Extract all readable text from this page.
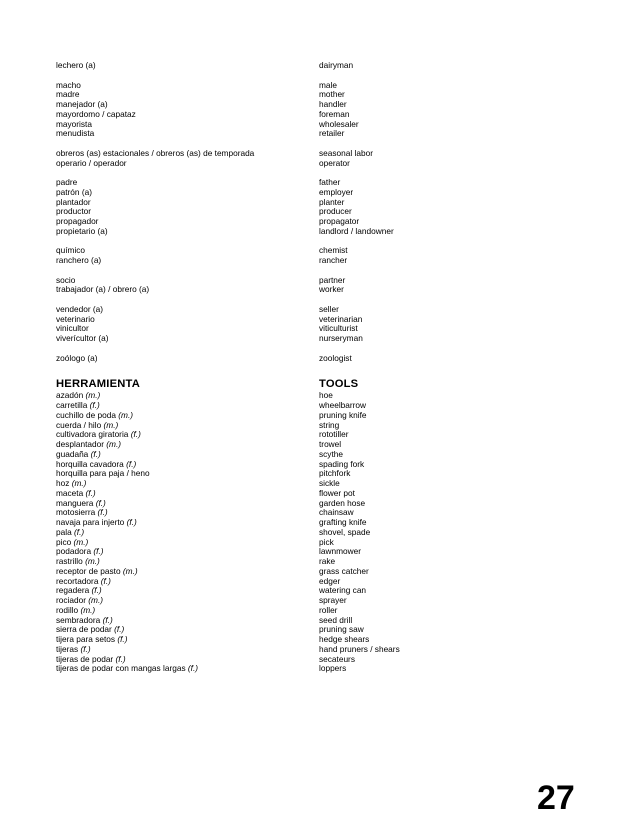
lechero (a)
macho
madre
manejador (a)
mayordomo / capataz
mayorista
menudista
obreros (as) estacionales / obreros (as) de temporada
operario / operador
padre
patrón (a)
plantador
productor
propagador
propietario (a)
químico
ranchero (a)
socio
trabajador (a) / obrero (a)
vendedor (a)
veterinario
vinicultor
viverícultor (a)
zoólogo (a)
HERRAMIENTA
azadón (m.)
carretilla (f.)
cuchillo de poda (m.)
cuerda / hilo (m.)
cultivadora giratoria (f.)
desplantador (m.)
guadaña (f.)
horquilla cavadora (f.)
horquilla para paja / heno
hoz (m.)
maceta (f.)
manguera (f.)
motosierra (f.)
navaja para injerto (f.)
pala (f.)
pico (m.)
podadora (f.)
rastrillo (m.)
receptor de pasto (m.)
recortadora (f.)
regadera (f.)
rociador (m.)
rodillo (m.)
sembradora (f.)
sierra de podar (f.)
tijera para setos (f.)
tijeras (f.)
tijeras de podar (f.)
tijeras de podar con mangas largas (f.)
dairyman
male
mother
handler
foreman
wholesaler
retailer
seasonal labor
operator
father
employer
planter
producer
propagator
landlord / landowner
chemist
rancher
partner
worker
seller
veterinarian
viticulturist
nurseryman
zoologist
TOOLS
hoe
wheelbarrow
pruning knife
string
rototiller
trowel
scythe
spading fork
pitchfork
sickle
flower pot
garden hose
chainsaw
grafting knife
shovel, spade
pick
lawnmower
rake
grass catcher
edger
watering can
sprayer
roller
seed drill
pruning saw
hedge shears
hand pruners / shears
secateurs
loppers
27
